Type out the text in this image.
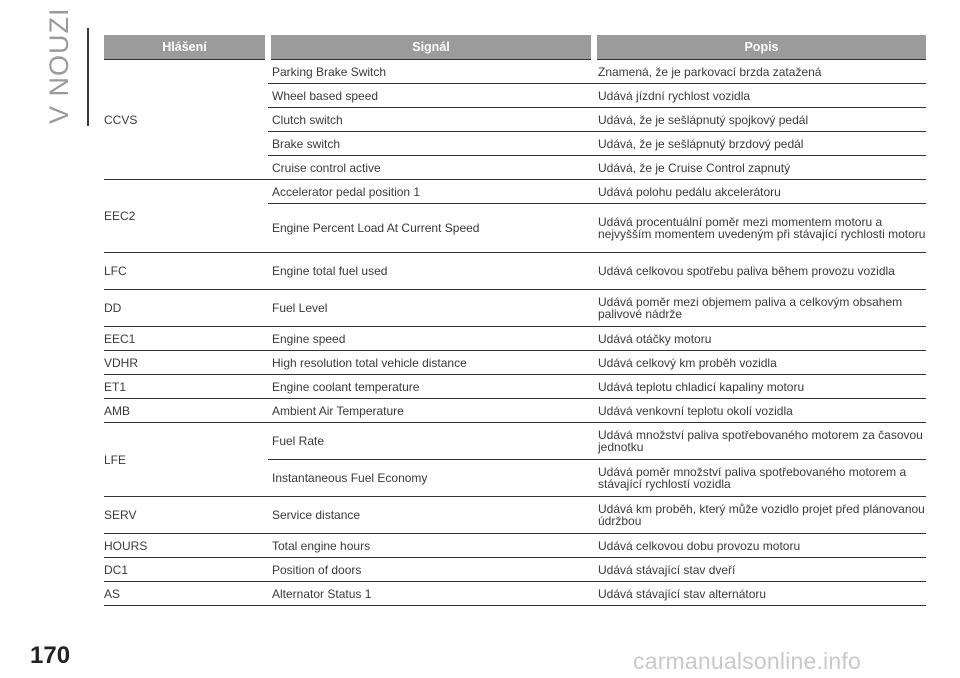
V NOUZI	Hlášení	Signál	Popis
CCVS	Parking Brake Switch	Znamená, že je parkovací brzda zatažená
	Wheel based speed	Udává jízdní rychlost vozidla
	Clutch switch	Udává, že je sešlápnutý spojkový pedál
	Brake switch	Udává, že je sešlápnutý brzdový pedál
	Cruise control active	Udává, že je Cruise Control zapnutý
EEC2	Accelerator pedal position 1	Udává polohu pedálu akcelerátoru
	Engine Percent Load At Current Speed	Udává procentuální poměr mezi momentem motoru a nejvyšším momentem uvedeným při stávající rychlosti motoru
LFC	Engine total fuel used	Udává celkovou spotřebu paliva během provozu vozidla
DD	Fuel Level	Udává poměr mezi objemem paliva a celkovým obsahem palivové nádrže
EEC1	Engine speed	Udává otáčky motoru
VDHR	High resolution total vehicle distance	Udává celkový km proběh vozidla
ET1	Engine coolant temperature	Udává teplotu chladicí kapaliny motoru
AMB	Ambient Air Temperature	Udává venkovní teplotu okolí vozidla
LFE	Fuel Rate	Udává množství paliva spotřebovaného motorem za časovou jednotku
	Instantaneous Fuel Economy	Udává poměr množství paliva spotřebovaného motorem a stávající rychlostí vozidla
SERV	Service distance	Udává km proběh, který může vozidlo projet před plánovanou údržbou
HOURS	Total engine hours	Udává celkovou dobu provozu motoru
DC1	Position of doors	Udává stávající stav dveří
AS	Alternator Status 1	Udává stávající stav alternátoru
170	carmanualsonline.info
